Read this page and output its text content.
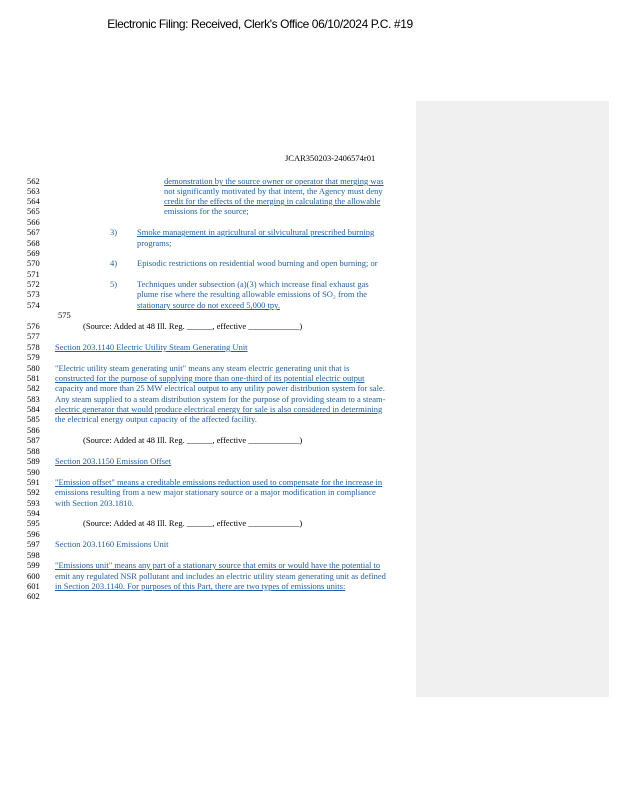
Electronic Filing: Received, Clerk's Office 06/10/2024 P.C. #19
JCAR350203-2406574r01
562
563
564
565
566
567
568
569
570
571
572
573
574
575
576
577
578
579
580
581
582
583
584
585
586
587
588
589
590
591
592
593
594
595
596
597
598
599
600
601
602
demonstration by the source owner or operator that merging was
not significantly motivated by that intent, the Agency must deny
credit for the effects of the merging in calculating the allowable
emissions for the source;
3) Smoke management in agricultural or silvicultural prescribed burning
programs;
4) Episodic restrictions on residential wood burning and open burning; or
5) Techniques under subsection (a)(3) which increase final exhaust gas
plume rise where the resulting allowable emissions of SO₂ from the
stationary source do not exceed 5,000 tpy.
(Source: Added at 48 Ill. Reg. ______, effective ____________)
Section 203.1140 Electric Utility Steam Generating Unit
"Electric utility steam generating unit" means any steam electric generating unit that is
constructed for the purpose of supplying more than one-third of its potential electric output
capacity and more than 25 MW electrical output to any utility power distribution system for sale.
Any steam supplied to a steam distribution system for the purpose of providing steam to a steam-
electric generator that would produce electrical energy for sale is also considered in determining
the electrical energy output capacity of the affected facility.
(Source: Added at 48 Ill. Reg. ______, effective ____________)
Section 203.1150 Emission Offset
"Emission offset" means a creditable emissions reduction used to compensate for the increase in
emissions resulting from a new major stationary source or a major modification in compliance
with Section 203.1810.
(Source: Added at 48 Ill. Reg. ______, effective ____________)
Section 203.1160 Emissions Unit
"Emissions unit" means any part of a stationary source that emits or would have the potential to
emit any regulated NSR pollutant and includes an electric utility steam generating unit as defined
in Section 203.1140. For purposes of this Part, there are two types of emissions units:
